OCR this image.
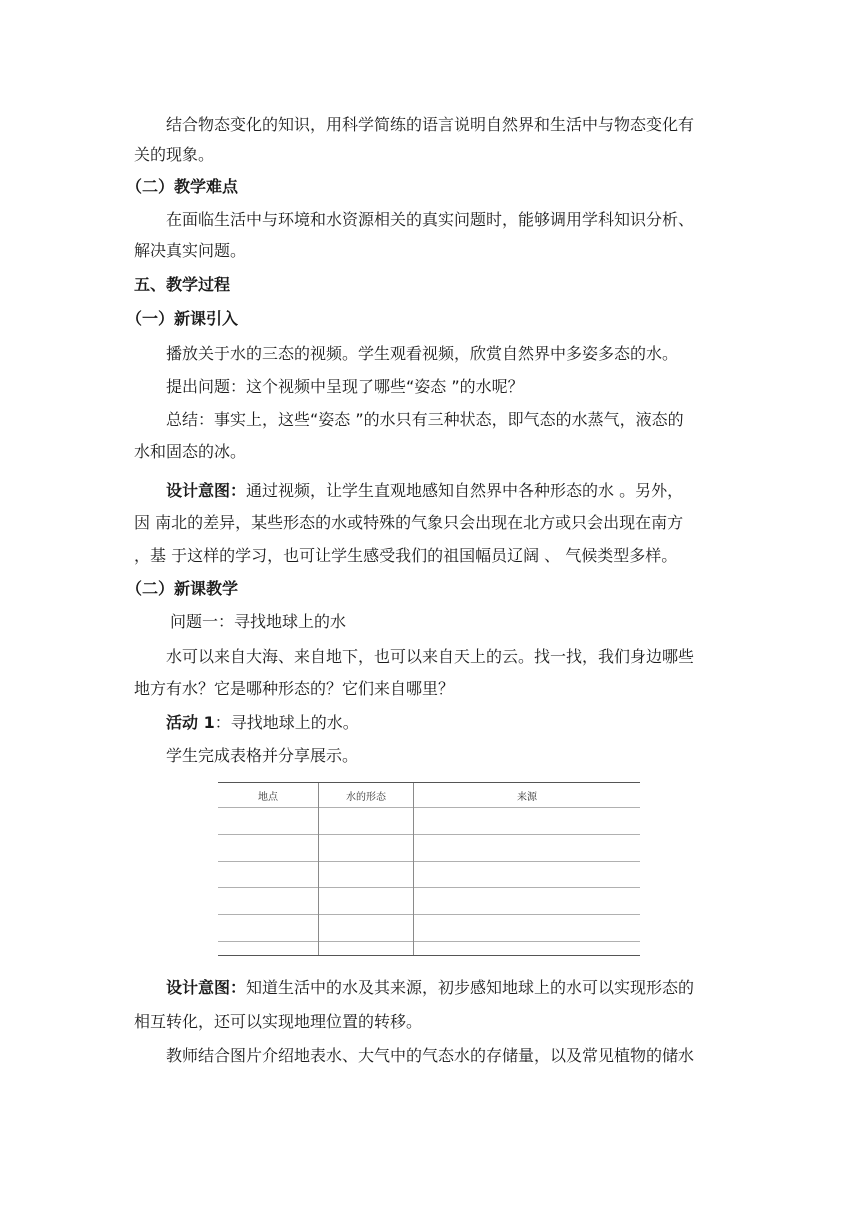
结合物态变化的知识，用科学简练的语言说明自然界和生活中与物态变化有
关的现象。
（二）教学难点
在面临生活中与环境和水资源相关的真实问题时，能够调用学科知识分析、
解决真实问题。
五、教学过程
（一）新课引入
播放关于水的三态的视频。学生观看视频，欣赏自然界中多姿多态的水。
提出问题：这个视频中呈现了哪些“姿态 ”的水呢？
总结：事实上，这些“姿态 ”的水只有三种状态，即气态的水蒸气，液态的
水和固态的冰。
设计意图：通过视频，让学生直观地感知自然界中各种形态的水 。另外，
因 南北的差异，某些形态的水或特殊的气象只会出现在北方或只会出现在南方
，基 于这样的学习，也可让学生感受我们的祖国幅员辽阔 、 气候类型多样。
（二）新课教学
问题一：寻找地球上的水
水可以来自大海、来自地下，也可以来自天上的云。找一找，我们身边哪些
地方有水？它是哪种形态的？它们来自哪里？
活动 1：寻找地球上的水。
学生完成表格并分享展示。
地点	水的形态	来源

设计意图：知道生活中的水及其来源，初步感知地球上的水可以实现形态的
相互转化，还可以实现地理位置的转移。
教师结合图片介绍地表水、大气中的气态水的存储量，以及常见植物的储水
